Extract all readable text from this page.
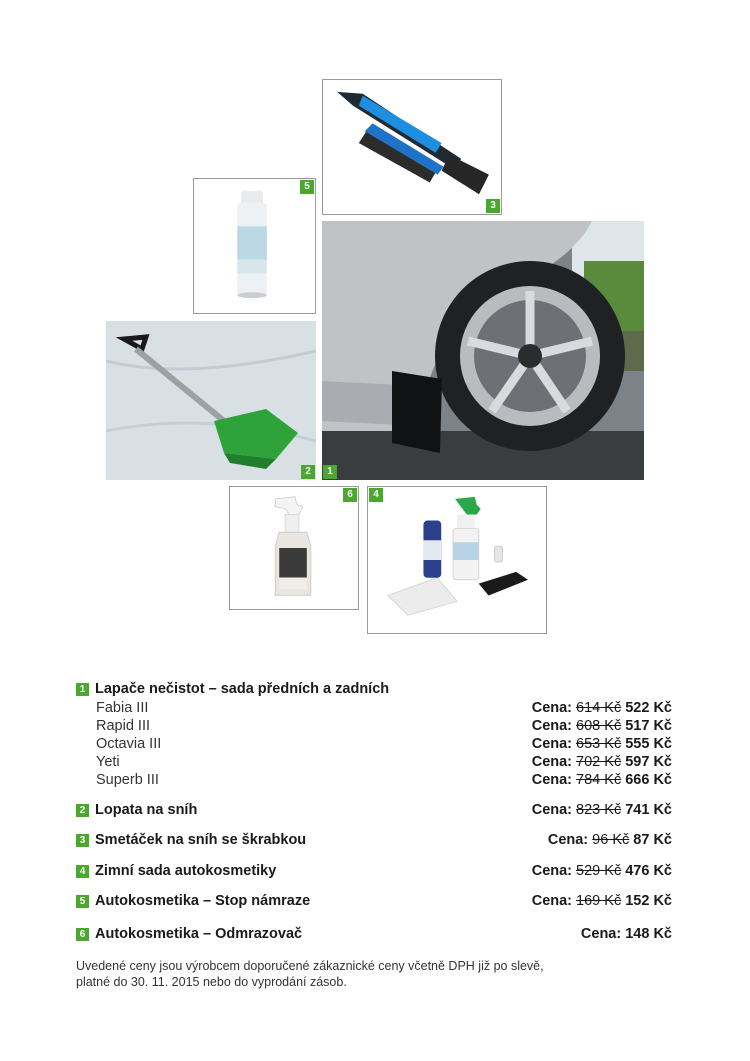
3
5
1
2
6	4
1 Lapače nečistot – sada předních a zadních
Fabia III	Cena: 614 Kč 522 Kč
Rapid III	Cena: 608 Kč 517 Kč
Octavia III	Cena: 653 Kč 555 Kč
Yeti	Cena: 702 Kč 597 Kč
Superb III	Cena: 784 Kč 666 Kč
2 Lopata na sníh	Cena: 823 Kč 741 Kč
3 Smetáček na sníh se škrabkou	Cena: 96 Kč 87 Kč
4 Zimní sada autokosmetiky	Cena: 529 Kč 476 Kč
5 Autokosmetika – Stop námraze	Cena: 169 Kč 152 Kč
6 Autokosmetika – Odmrazovač	Cena: 148 Kč
Uvedené ceny jsou výrobcem doporučené zákaznické ceny včetně DPH již po slevě,
platné do 30. 11. 2015 nebo do vyprodání zásob.
